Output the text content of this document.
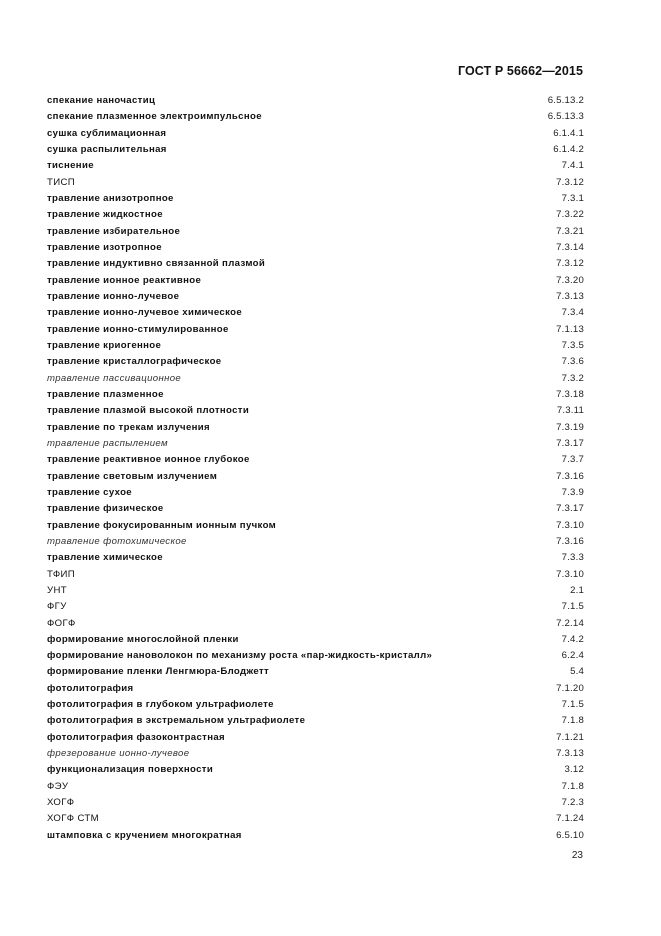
ГОСТ Р 56662—2015
спекание наночастиц	6.5.13.2
спекание плазменное электроимпульсное	6.5.13.3
сушка сублимационная	6.1.4.1
сушка распылительная	6.1.4.2
тиснение	7.4.1
ТИСП	7.3.12
травление анизотропное	7.3.1
травление жидкостное	7.3.22
травление избирательное	7.3.21
травление изотропное	7.3.14
травление индуктивно связанной плазмой	7.3.12
травление ионное реактивное	7.3.20
травление ионно-лучевое	7.3.13
травление ионно-лучевое химическое	7.3.4
травление ионно-стимулированное	7.1.13
травление криогенное	7.3.5
травление кристаллографическое	7.3.6
травление пассивационное	7.3.2
травление плазменное	7.3.18
травление плазмой высокой плотности	7.3.11
травление по трекам излучения	7.3.19
травление распылением	7.3.17
травление реактивное ионное глубокое	7.3.7
травление световым излучением	7.3.16
травление сухое	7.3.9
травление физическое	7.3.17
травление фокусированным ионным пучком	7.3.10
травление фотохимическое	7.3.16
травление химическое	7.3.3
ТФИП	7.3.10
УНТ	2.1
ФГУ	7.1.5
ФОГФ	7.2.14
формирование многослойной пленки	7.4.2
формирование нановолокон по механизму роста «пар-жидкость-кристалл»	6.2.4
формирование пленки Ленгмюра-Блоджетт	5.4
фотолитография	7.1.20
фотолитография в глубоком ультрафиолете	7.1.5
фотолитография в экстремальном ультрафиолете	7.1.8
фотолитография фазоконтрастная	7.1.21
фрезерование ионно-лучевое	7.3.13
функционализация поверхности	3.12
ФЭУ	7.1.8
ХОГФ	7.2.3
ХОГФ СТМ	7.1.24
штамповка с кручением многократная	6.5.10
23
